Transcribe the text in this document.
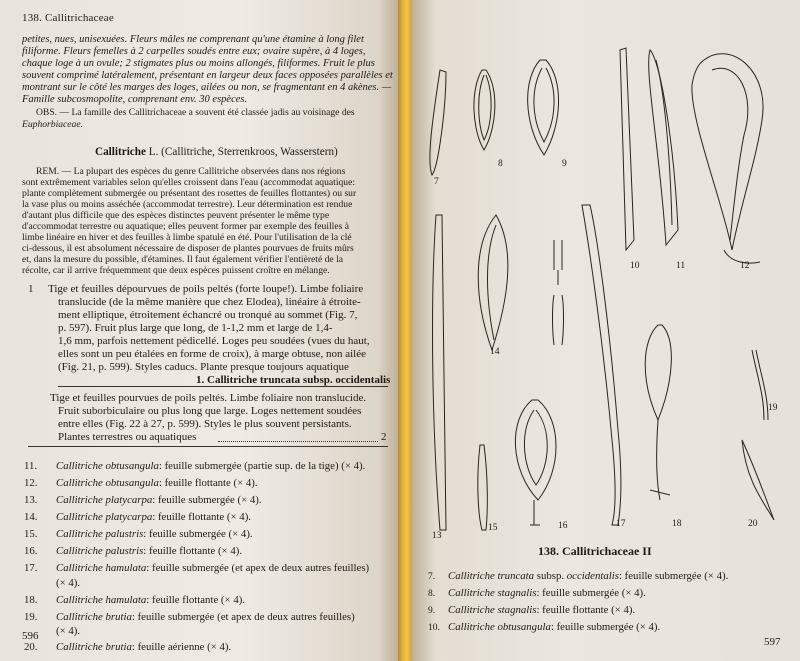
138. Callitrichaceae
petites, nues, unisexuées. Fleurs mâles ne comprenant qu'une étamine à long filet
filiforme. Fleurs femelles à 2 carpelles soudés entre eux; ovaire supère, à 4 loges,
chaque loge à un ovule; 2 stigmates plus ou moins allongés, filiformes. Fruit le plus
souvent comprimé latéralement, présentant en largeur deux faces opposées parallèles et
montrant sur le côté les marges des loges, ailées ou non, se fragmentant en 4 akènes. —
Famille subcosmopolite, comprenant env. 30 espèces.
OBS. — La famille des Callitrichaceae a souvent été classée jadis au voisinage des
Euphorbiaceae.
Callitriche L. (Callitriche, Sterrenkroos, Wasserstern)
REM. — La plupart des espèces du genre Callitriche observées dans nos régions
sont extrêmement variables selon qu'elles croissent dans l'eau (accommodat aquatique:
plante complètement submergée ou présentant des rosettes de feuilles flottantes) ou sur
la vase plus ou moins asséchée (accommodat terrestre). Leur détermination est rendue
d'autant plus difficile que des espèces distinctes peuvent présenter le même type
d'accommodat terrestre ou aquatique; elles peuvent former par exemple des feuilles à
limbe linéaire en hiver et des feuilles à limbe spatulé en été. Pour l'utilisation de la clé
ci-dessous, il est absolument nécessaire de disposer de plantes pourvues de fruits mûrs
et, dans la mesure du possible, d'étamines. Il faut également vérifier l'entièreté de la
récolte, car il arrive fréquemment que deux espèces puissent croître en mélange.
1 Tige et feuilles dépourvues de poils peltés (forte loupe!). Limbe foliaire
translucide (de la même manière que chez Elodea), linéaire à étroite-
ment elliptique, étroitement échancré ou tronqué au sommet (Fig. 7,
p. 597). Fruit plus large que long, de 1-1,2 mm et large de 1,4-
1,6 mm, parfois nettement pédicellé. Loges peu soudées (vues du haut,
elles sont un peu étalées en forme de croix), à marge obtuse, non ailée
(Fig. 21, p. 599). Styles caducs. Plante presque toujours aquatique
1. Callitriche truncata subsp. occidentalis
Tige et feuilles pourvues de poils peltés. Limbe foliaire non translucide.
Fruit suborbiculaire ou plus long que large. Loges nettement soudées
entre elles (Fig. 22 à 27, p. 599). Styles le plus souvent persistants.
Plantes terrestres ou aquatiques	2
11. Callitriche obtusangula: feuille submergée (partie sup. de la tige) (× 4).
12. Callitriche obtusangula: feuille flottante (× 4).
13. Callitriche platycarpa: feuille submergée (× 4).
14. Callitriche platycarpa: feuille flottante (× 4).
15. Callitriche palustris: feuille submergée (× 4).
16. Callitriche palustris: feuille flottante (× 4).
17. Callitriche hamulata: feuille submergée (et apex de deux autres feuilles)
(× 4).
18. Callitriche hamulata: feuille flottante (× 4).
19. Callitriche brutia: feuille submergée (et apex de deux autres feuilles)
(× 4).
20. Callitriche brutia: feuille aérienne (× 4).
596
7
8	9
10	11	12
13
14
15	16	17	18
19
20
138. Callitrichaceae II
7. Callitriche truncata subsp. occidentalis: feuille submergée (× 4).
8. Callitriche stagnalis: feuille submergée (× 4).
9. Callitriche stagnalis: feuille flottante (× 4).
10. Callitriche obtusangula: feuille submergée (× 4).
597
